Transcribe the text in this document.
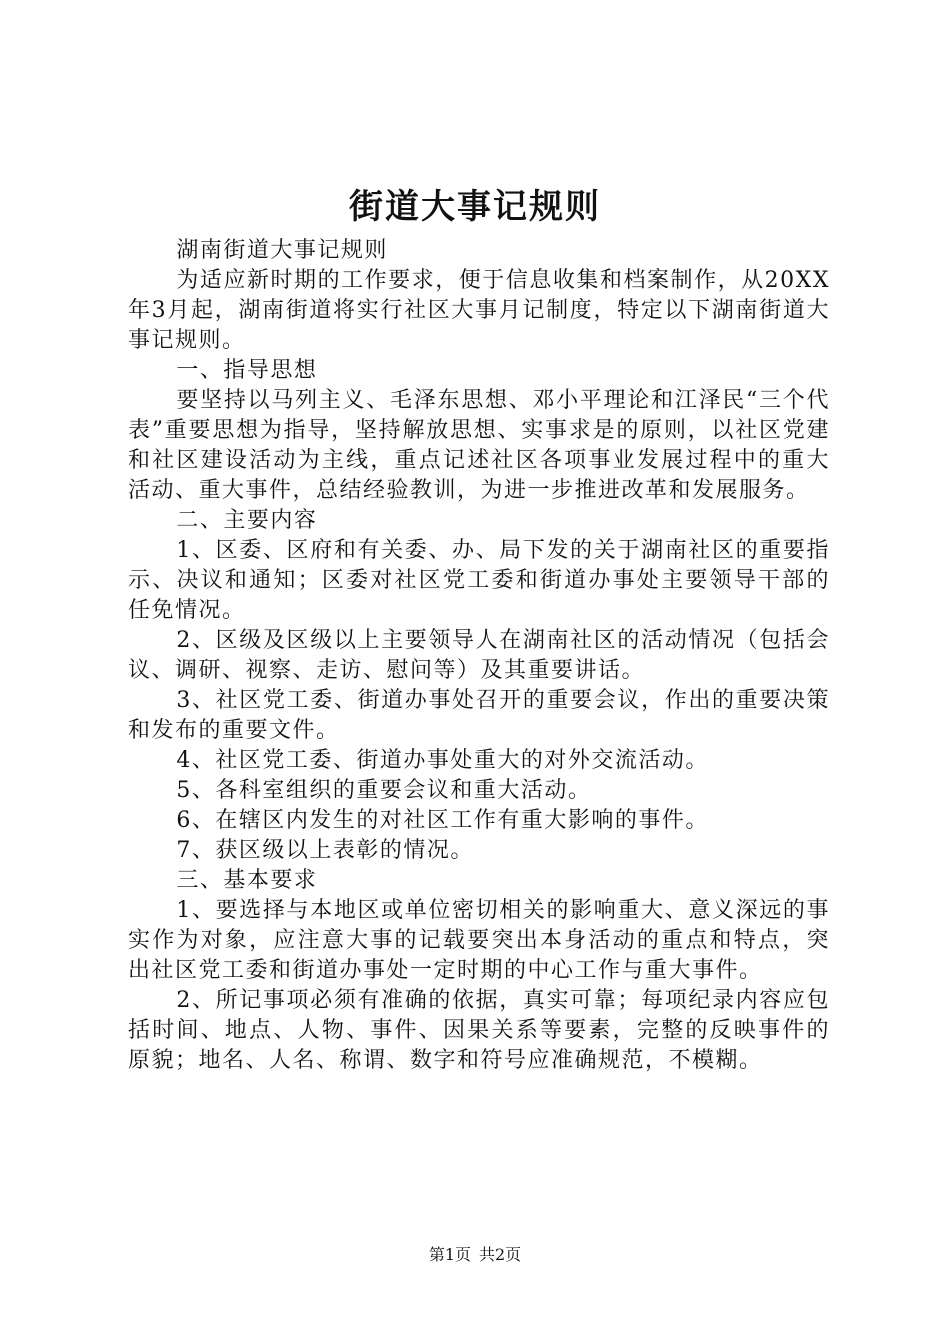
街道大事记规则

湖南街道大事记规则

为适应新时期的工作要求，便于信息收集和档案制作，从20XX年3月起，湖南街道将实行社区大事月记制度，特定以下湖南街道大事记规则。

一、指导思想

要坚持以马列主义、毛泽东思想、邓小平理论和江泽民“三个代表”重要思想为指导，坚持解放思想、实事求是的原则，以社区党建和社区建设活动为主线，重点记述社区各项事业发展过程中的重大活动、重大事件，总结经验教训，为进一步推进改革和发展服务。

二、主要内容

1、区委、区府和有关委、办、局下发的关于湖南社区的重要指示、决议和通知；区委对社区党工委和街道办事处主要领导干部的任免情况。

2、区级及区级以上主要领导人在湖南社区的活动情况（包括会议、调研、视察、走访、慰问等）及其重要讲话。

3、社区党工委、街道办事处召开的重要会议，作出的重要决策和发布的重要文件。

4、社区党工委、街道办事处重大的对外交流活动。

5、各科室组织的重要会议和重大活动。

6、在辖区内发生的对社区工作有重大影响的事件。

7、获区级以上表彰的情况。

三、基本要求

1、要选择与本地区或单位密切相关的影响重大、意义深远的事实作为对象，应注意大事的记载要突出本身活动的重点和特点，突出社区党工委和街道办事处一定时期的中心工作与重大事件。

2、所记事项必须有准确的依据，真实可靠；每项纪录内容应包括时间、地点、人物、事件、因果关系等要素，完整的反映事件的原貌；地名、人名、称谓、数字和符号应准确规范，不模糊。

第1页 共2页
